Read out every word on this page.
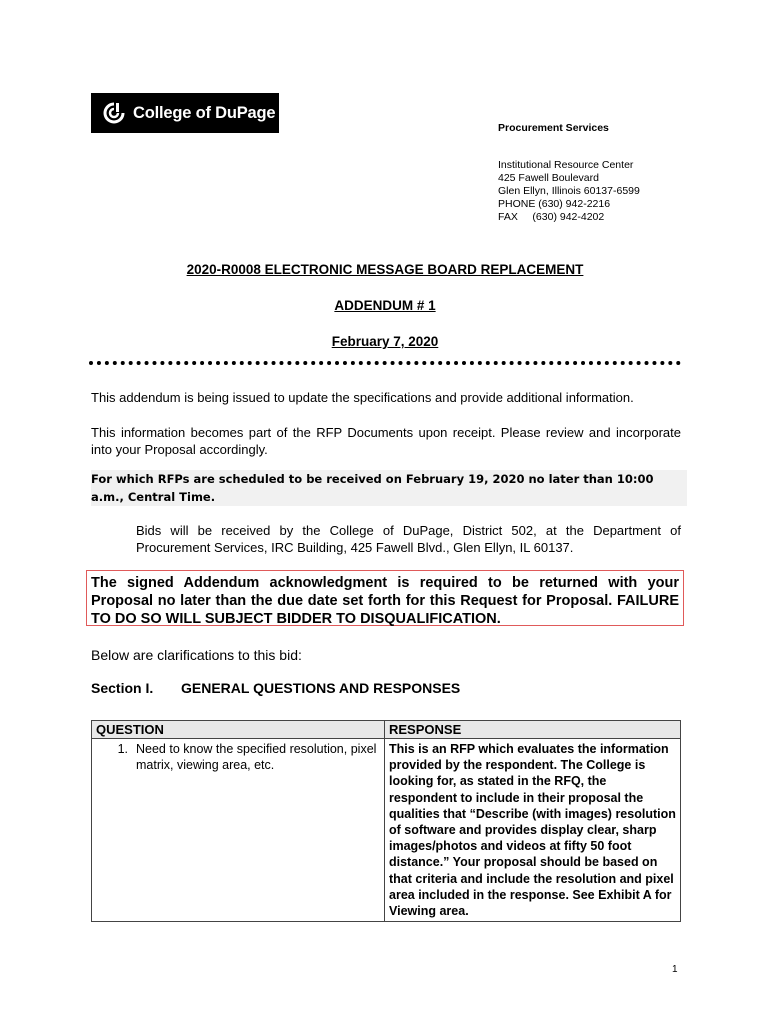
College of DuPage
Procurement Services
Institutional Resource Center
425 Fawell Boulevard
Glen Ellyn, Illinois 60137-6599
PHONE (630) 942-2216
FAX     (630) 942-4202
2020-R0008 ELECTRONIC MESSAGE BOARD REPLACEMENT
ADDENDUM # 1
February 7, 2020
This addendum is being issued to update the specifications and provide additional information.
This information becomes part of the RFP Documents upon receipt. Please review and incorporate into your Proposal accordingly.
For which RFPs are scheduled to be received on February 19, 2020 no later than 10:00 a.m., Central Time.
Bids will be received by the College of DuPage, District 502, at the Department of Procurement Services, IRC Building, 425 Fawell Blvd., Glen Ellyn, IL 60137.
The signed Addendum acknowledgment is required to be returned with your Proposal no later than the due date set forth for this Request for Proposal. FAILURE TO DO SO WILL SUBJECT BIDDER TO DISQUALIFICATION.
Below are clarifications to this bid:
Section I. GENERAL QUESTIONS AND RESPONSES
QUESTION	RESPONSE

1. Need to know the specified resolution, pixel matrix, viewing area, etc.	This is an RFP which evaluates the information provided by the respondent. The College is looking for, as stated in the RFQ, the respondent to include in their proposal the qualities that “Describe (with images) resolution of software and provides display clear, sharp images/photos and videos at fifty 50 foot distance.” Your proposal should be based on that criteria and include the resolution and pixel area included in the response. See Exhibit A for Viewing area.
1
